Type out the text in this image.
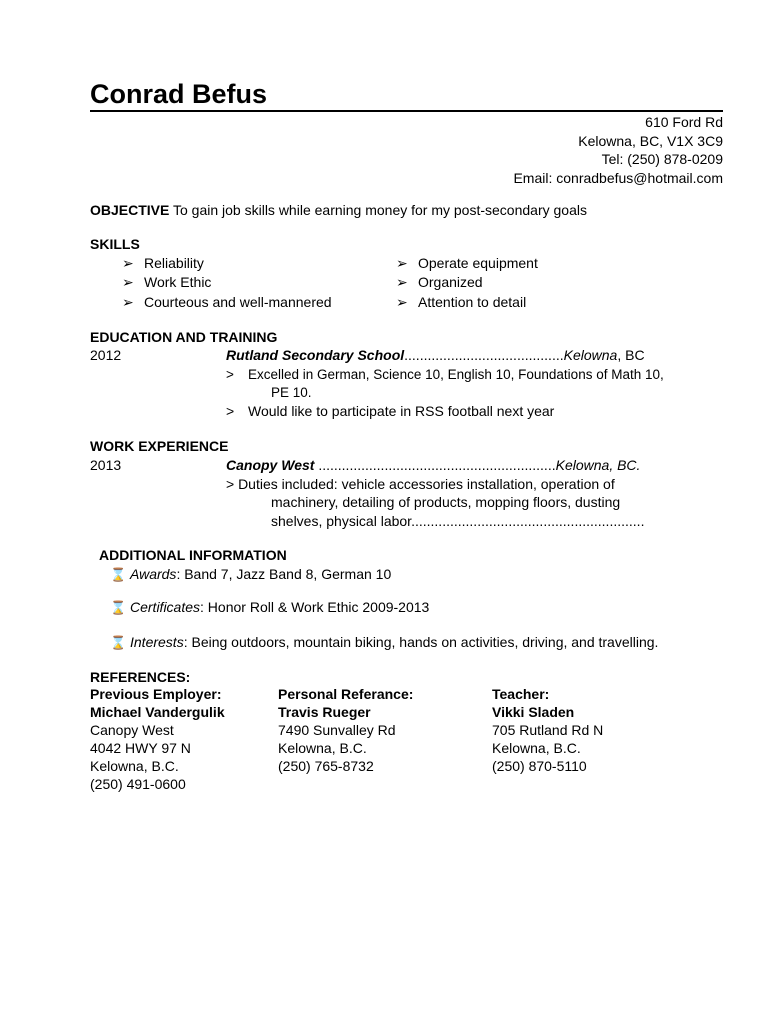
Conrad Befus
610 Ford Rd
Kelowna, BC, V1X 3C9
Tel: (250) 878-0209
Email: conradbefus@hotmail.com
OBJECTIVE To gain job skills while earning money for my post-secondary goals
SKILLS
➢ Reliability
➢ Work Ethic
➢ Courteous and well-mannered
➢ Operate equipment
➢ Organized
➢ Attention to detail
EDUCATION AND TRAINING
2012	Rutland Secondary School.........................................Kelowna, BC
> Excelled in German, Science 10, English 10, Foundations of Math 10,
PE 10.
> Would like to participate in RSS football next year
WORK EXPERIENCE
2013	Canopy West .............................................................Kelowna, BC.
> Duties included: vehicle accessories installation, operation of
machinery, detailing of products, mopping floors, dusting
shelves, physical labor............................................................
ADDITIONAL INFORMATION
⌛ Awards: Band 7, Jazz Band 8, German 10
⌛ Certificates: Honor Roll & Work Ethic 2009-2013
⌛ Interests: Being outdoors, mountain biking, hands on activities, driving, and travelling.
REFERENCES:
Previous Employer:
Michael Vandergulik
Canopy West
4042 HWY 97 N
Kelowna, B.C.
(250) 491-0600
Personal Referance:
Travis Rueger
7490 Sunvalley Rd
Kelowna, B.C.
(250) 765-8732
Teacher:
Vikki Sladen
705 Rutland Rd N
Kelowna, B.C.
(250) 870-5110
